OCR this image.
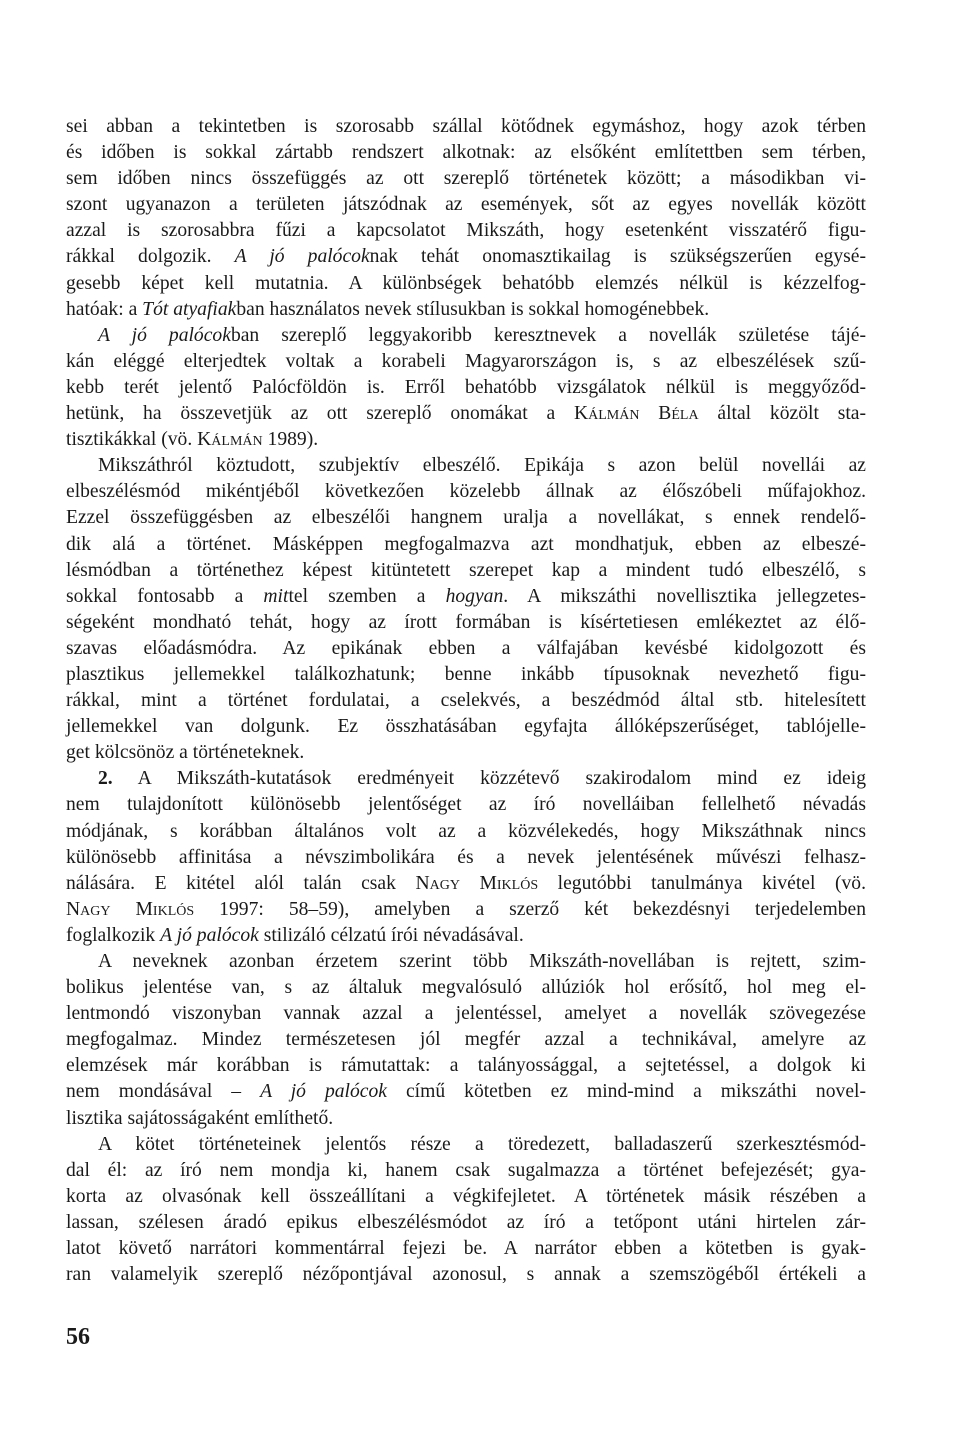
sei abban a tekintetben is szorosabb szállal kötődnek egymáshoz, hogy azok térben
és időben is sokkal zártabb rendszert alkotnak: az elsőként említettben sem térben,
sem időben nincs összefüggés az ott szereplő történetek között; a másodikban vi-
szont ugyanazon a területen játszódnak az események, sőt az egyes novellák között
azzal is szorosabbra fűzi a kapcsolatot Mikszáth, hogy esetenként visszatérő figu-
rákkal dolgozik. A jó palócoknak tehát onomasztikailag is szükségszerűen egysé-
gesebb képet kell mutatnia. A különbségek behatóbb elemzés nélkül is kézzelfog-
hatóak: a Tót atyafiakban használatos nevek stílusukban is sokkal homogénebbek.
A jó palócokban szereplő leggyakoribb keresztnevek a novellák születése tájé-
kán eléggé elterjedtek voltak a korabeli Magyarországon is, s az elbeszélések szű-
kebb terét jelentő Palócföldön is. Erről behatóbb vizsgálatok nélkül is meggyőződ-
hetünk, ha összevetjük az ott szereplő onomákat a Kálmán Béla által közölt sta-
tisztikákkal (vö. Kálmán 1989).
Mikszáthról köztudott, szubjektív elbeszélő. Epikája s azon belül novellái az
elbeszélésmód mikéntjéből következően közelebb állnak az élőszóbeli műfajokhoz.
Ezzel összefüggésben az elbeszélői hangnem uralja a novellákat, s ennek rendelő-
dik alá a történet. Másképpen megfogalmazva azt mondhatjuk, ebben az elbeszé-
lésmódban a történethez képest kitüntetett szerepet kap a mindent tudó elbeszélő, s
sokkal fontosabb a mittel szemben a hogyan. A mikszáthi novellisztika jellegzetes-
ségeként mondható tehát, hogy az írott formában is kísértetiesen emlékeztet az élő-
szavas előadásmódra. Az epikának ebben a válfajában kevésbé kidolgozott és
plasztikus jellemekkel találkozhatunk; benne inkább típusoknak nevezhető figu-
rákkal, mint a történet fordulatai, a cselekvés, a beszédmód által stb. hitelesített
jellemekkel van dolgunk. Ez összhatásában egyfajta állóképszerűséget, tablójelle-
get kölcsönöz a történeteknek.
2. A Mikszáth-kutatások eredményeit közzétevő szakirodalom mind ez ideig
nem tulajdonított különösebb jelentőséget az író novelláiban fellelhető névadás
módjának, s korábban általános volt az a közvélekedés, hogy Mikszáthnak nincs
különösebb affinitása a névszimbolikára és a nevek jelentésének művészi felhasz-
nálására. E kitétel alól talán csak Nagy Miklós legutóbbi tanulmánya kivétel (vö.
Nagy Miklós 1997: 58–59), amelyben a szerző két bekezdésnyi terjedelemben
foglalkozik A jó palócok stilizáló célzatú írói névadásával.
A neveknek azonban érzetem szerint több Mikszáth-novellában is rejtett, szim-
bolikus jelentése van, s az általuk megvalósuló allúziók hol erősítő, hol meg el-
lentmondó viszonyban vannak azzal a jelentéssel, amelyet a novellák szövegezése
megfogalmaz. Mindez természetesen jól megfér azzal a technikával, amelyre az
elemzések már korábban is rámutattak: a talányossággal, a sejtetéssel, a dolgok ki
nem mondásával – A jó palócok című kötetben ez mind-mind a mikszáthi novel-
lisztika sajátosságaként említhető.
A kötet történeteinek jelentős része a töredezett, balladaszerű szerkesztésmód-
dal él: az író nem mondja ki, hanem csak sugalmazza a történet befejezését; gya-
korta az olvasónak kell összeállítani a végkifejletet. A történetek másik részében a
lassan, szélesen áradó epikus elbeszélésmódot az író a tetőpont utáni hirtelen zár-
latot követő narrátori kommentárral fejezi be. A narrátor ebben a kötetben is gyak-
ran valamelyik szereplő nézőpontjával azonosul, s annak a szemszögéből értékeli a
56
